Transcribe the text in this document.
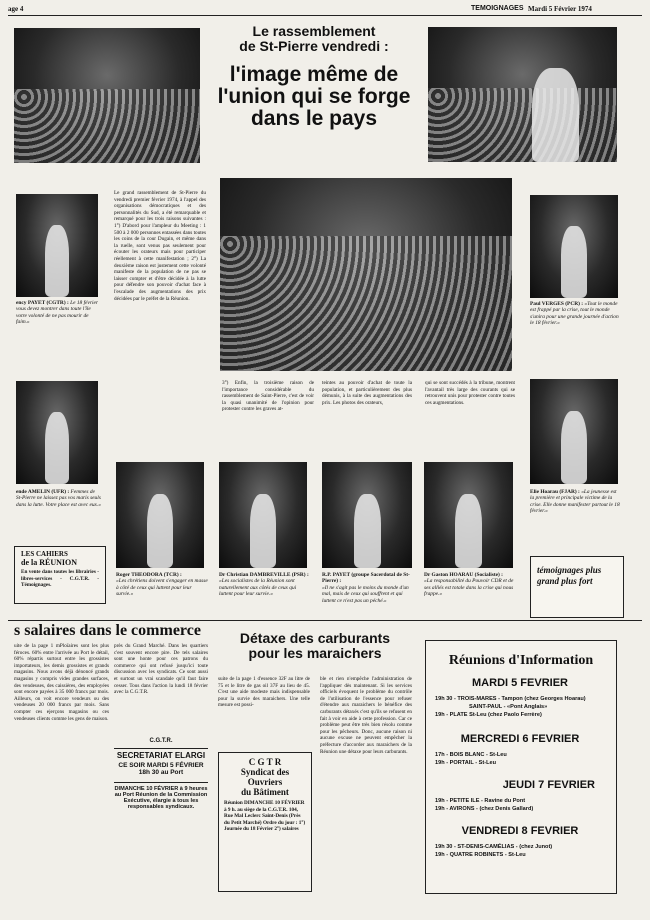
age 4	TEMOIGNAGES Mardi 5 Février 1974
Le rassemblement
de St-Pierre vendredi :
l'image même de
l'union qui se forge
dans le pays
ency PAYET (CGTR) : Le 18 février vous devez montrer dans toute l'île votre volonté de ne pas mourir de faim.»
ende AMELIN (UFR) : Femmes de St-Pierre ne laissez pas vos maris seuls dans la lutte. Votre place est avec eux.»
Paul VERGES (PCR) : «Tout le monde est frappé par la crise, tout le monde s'unira pour une grande journée d'action le 18 février.»
Elie Hoarau (FJAR) : «La jeunesse est la première et principale victime de la crise. Elle donne manifester partout le 18 février.»
Le grand rassemblement de St-Pierre du vendredi premier février 1974, à l'appel des organisations démocratiques et des personnalités du Sud, a été remarquable et remarqué pour les trois raisons suivantes : 1°) D'abord pour l'ampleur du Meeting : 1 500 à 2 000 personnes entassées dans toutes les coins de la cour Dugain, et même dans la ruelle, sont venus pas seulement pour écouter les orateurs mais pour participer réellement à cette manifestation ; 2°) La deuxième raison est justement cette volonté manifeste de la population de ne pas se laisser compter et d'être décidée à la lutte pour défendre son pouvoir d'achat face à l'escalade des augmentations des prix décidées par le préfet de la Réunion.
3°) Enfin, la troisième raison de l'importance considérable du rassemblement de Saint-Pierre, c'est de voir la quasi unanimité de l'opinion pour protester contre les graves at-
teintes au pouvoir d'achat de toute la population, et particulièrement des plus démunis, à la suite des augmentations des prix. Les photos des orateurs,
qui se sont succédés à la tribune, montrent l'avantail très large des courants qui se retrouvent unis pour protester contre toutes ces augmentations.
Roger THEODORA (TCR) :
«Les chrétiens doivent s'engager en masse à côté de ceux qui luttent pour leur survie.»
Dr Christian DAMBREVILLE (PSR) :
«Les socialistes de la Réunion sont naturellement aux côtés de ceux qui luttent pour leur survie.»
R.P. PAYET (groupe Sacerdotal de St-Pierre) :
«Il ne s'agit pas le moins du monde d'un mal, mais de ceux qui souffrent et qui luttent ce n'est pas un péché.»
Dr Gaston HOARAU (Socialiste) :
«La responsabilité du Pouvoir CDR et de ses alliés est totale dans la crise qui nous frappe.»
LES CAHIERS
de la RÉUNION
En vente dans toutes les librairies - libres-services - C.G.T.R. - Témoignages.
témoignages plus grand plus fort
s salaires dans le commerce
uite de la page 1 mPloïaires sont les plus féroces. 60% entre l'arrivée au Port le détail, 60% répartis surtout entre les grossistes importateurs, les demis grossistes et grands magasins. Nous avons déjà dénoncé grands magasins y compris vides grandes surfaces, des vendeuses, des caissières, des employées sont encore payées à 35 000 francs par mois. Ailleurs, on voit encore vendeurs ou des vendeuses 20 000 francs par mois. Sans compter ces ejerçons magasins ou ces vendeuses clients comme les gens de maison.
près du Grand Marché. Dans les quartiers c'est souvent encore pire. De tels salaires sont une honte pour ces patrons du commerce qui ont refusé jusqu'ici toute discussion avec les syndicats. Ce sont aussi et surtout un vrai scandale qu'il faut faire cesser. Tous dans l'action la lundi 18 février avec la C.G.T.R.
C.G.T.R.
SECRETARIAT ELARGI
CE SOIR MARDI 5 FÉVRIER 18h 30 au Port
DIMANCHE 10 FÉVRIER à 9 heures au Port Réunion de la Commission Exécutive, élargie à tous les responsables syndicaux.
Détaxe des carburants
pour les maraichers
suite de la page 1 d'essence 32F au litre de 75 et le litre de gas oil 37F au lieu de 45. C'est une aide modeste mais indispensable pour la survie des maraichers. Une telle mesure est possi-
ble et rien n'empêche l'administration de l'appliquer dès maintenant. Si les services officiels évoquent le problème du contrôle de l'utilisation de l'essence pour refuser d'étendre aux maraichers le bénéfice des carburants détaxés c'est qu'ils se refusent en fait à voir en aide à cette profession. Car ce problème peut être très bien résolu comme pour les pêcheurs. Donc, aucune raison ni aucune excuse ne peuvent empêcher la préfecture d'accorder aux maraichers de la Réunion une détaxe pour leurs carburants.
C G T R
Syndicat des
Ouvriers
du Bâtiment
Réunion DIMANCHE 10 FÉVRIER à 9 h. au siège de la C.G.T.R. 104, Rue Mal Leclerc Saint-Denis (Près du Petit Marché) Ordre du jour : 1°) Journée du 18 Février 2°) salaires
Réunions d'Information
MARDI 5 FEVRIER
19h 30 - TROIS-MARES - Tampon (chez Georges Hoarau)
SAINT-PAUL - «Pont Anglais»
19h - PLATE St-Leu (chez Paolo Ferrère)
MERCREDI 6 FEVRIER
17h - BOIS BLANC - St-Leu
19h - PORTAIL - St-Leu
JEUDI 7 FEVRIER
19h - PETITE ILE - Ravine du Pont
19h - AVIRONS - (chez Denis Gallard)
VENDREDI 8 FEVRIER
19h 30 - ST-DENIS-CAMÉLIAS - (chez Junot)
19h - QUATRE ROBINETS - St-Leu
